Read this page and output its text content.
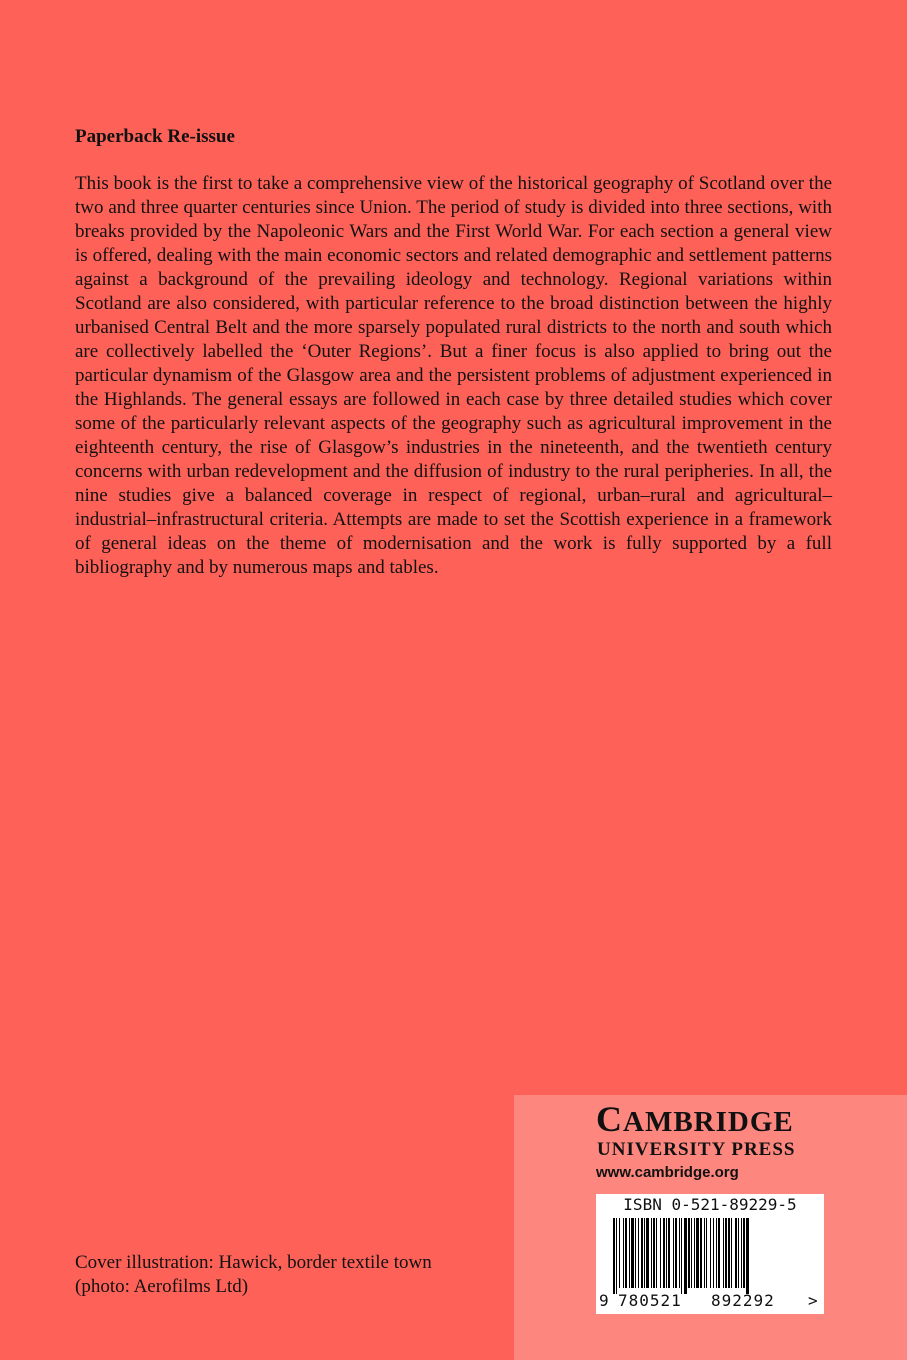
Paperback Re-issue

This book is the first to take a comprehensive view of the historical geography of Scotland over the two and three quarter centuries since Union. The period of study is divided into three sections, with breaks provided by the Napoleonic Wars and the First World War. For each section a general view is offered, dealing with the main economic sectors and related demographic and settlement patterns against a background of the prevailing ideology and technology. Regional variations within Scotland are also considered, with particular reference to the broad distinction between the highly urbanised Central Belt and the more sparsely populated rural districts to the north and south which are collectively labelled the ‘Outer Regions’. But a finer focus is also applied to bring out the particular dynamism of the Glasgow area and the persistent problems of adjustment experienced in the Highlands. The general essays are followed in each case by three detailed studies which cover some of the particularly relevant aspects of the geography such as agricultural improvement in the eighteenth century, the rise of Glasgow’s industries in the nineteenth, and the twentieth century concerns with urban redevelopment and the diffusion of industry to the rural peripheries. In all, the nine studies give a balanced coverage in respect of regional, urban–rural and agricultural–industrial–infrastructural criteria. Attempts are made to set the Scottish experience in a framework of general ideas on the theme of modernisation and the work is fully supported by a full bibliography and by numerous maps and tables.

Cover illustration: Hawick, border textile town
(photo: Aerofilms Ltd)
CAMBRIDGE
UNIVERSITY PRESS
www.cambridge.org
ISBN 0-521-89229-5
9 780521 892292 >
